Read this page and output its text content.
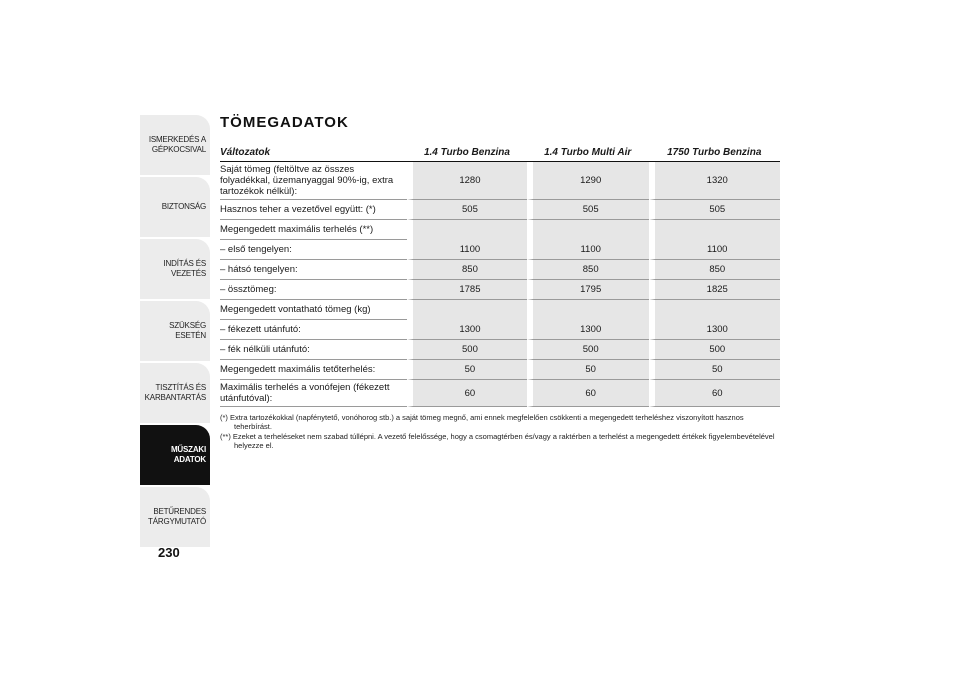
ISMERKEDÉS A
GÉPKOCSIVAL
BIZTONSÁG
INDÍTÁS ÉS VEZETÉS
SZÜKSÉG ESETÉN
TISZTÍTÁS ÉS
KARBANTARTÁS
MŰSZAKI
ADATOK
BETŰRENDES
TÁRGYMUTATÓ
230
TÖMEGADATOK
Változatok	1.4 Turbo Benzina	1.4 Turbo Multi Air	1750 Turbo Benzina
Saját tömeg (feltöltve az összes folyadékkal, üzemanyaggal 90%-ig, extra tartozékok nélkül):	1280	1290	1320
Hasznos teher a vezetővel együtt: (*)	505	505	505
Megengedett maximális terhelés (**)			
– első tengelyen:	1100	1100	1100
– hátsó tengelyen:	850	850	850
– össztömeg:	1785	1795	1825
Megengedett vontatható tömeg (kg)			
– fékezett utánfutó:	1300	1300	1300
– fék nélküli utánfutó:	500	500	500
Megengedett maximális tetőterhelés:	50	50	50
Maximális terhelés a vonófejen (fékezett utánfutóval):	60	60	60
(*) Extra tartozékokkal (napfénytető, vonóhorog stb.) a saját tömeg megnő, ami ennek megfelelően csökkenti a megengedett terheléshez viszonyított hasznos teherbírást.
(**) Ezeket a terheléseket nem szabad túllépni. A vezető felelőssége, hogy a csomagtérben és/vagy a raktérben a terhelést a megengedett értékek figyelembevételével helyezze el.
